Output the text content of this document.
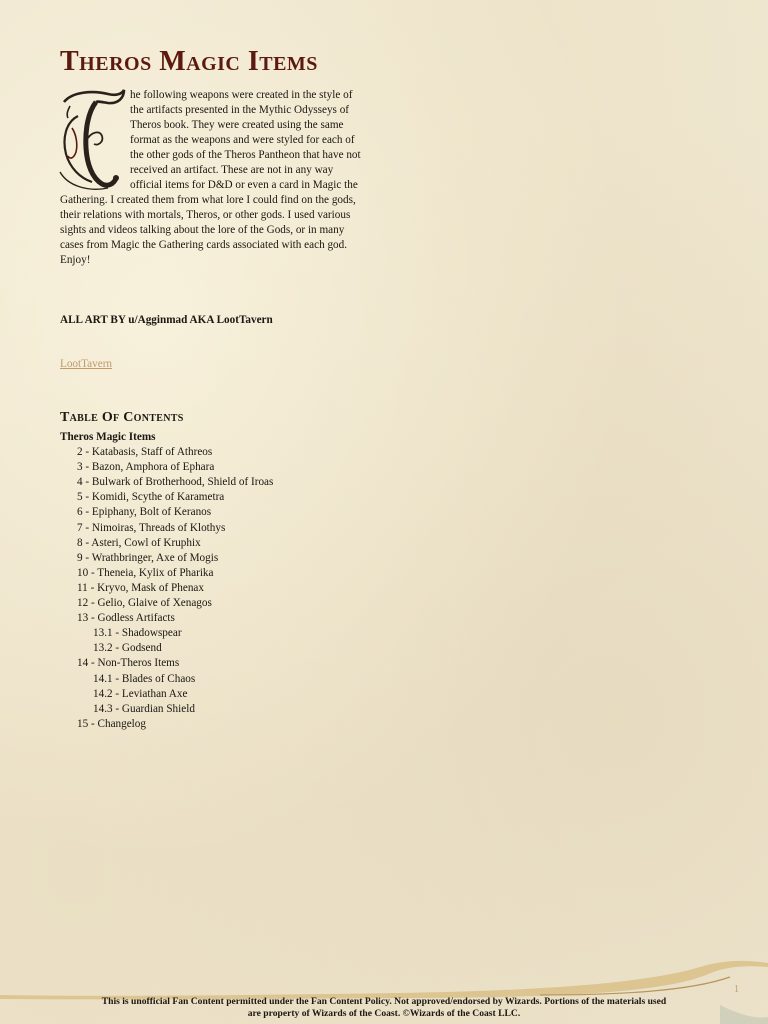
Theros Magic Items

he following weapons were created in the style of the artifacts presented in the Mythic Odysseys of Theros book. They were created using the same format as the weapons and were styled for each of the other gods of the Theros Pantheon that have not received an artifact. These are not in any way official items for D&D or even a card in Magic the Gathering. I created them from what lore I could find on the gods, their relations with mortals, Theros, or other gods. I used various sights and videos talking about the lore of the Gods, or in many cases from Magic the Gathering cards associated with each god. Enjoy!

ALL ART BY u/Agginmad AKA LootTavern

LootTavern
Table Of Contents
Theros Magic Items
2 - Katabasis, Staff of Athreos
3 - Bazon, Amphora of Ephara
4 - Bulwark of Brotherhood, Shield of Iroas
5 - Komidi, Scythe of Karametra
6 - Epiphany, Bolt of Keranos
7 - Nimoiras, Threads of Klothys
8 - Asteri, Cowl of Kruphix
9 - Wrathbringer, Axe of Mogis
10 - Theneia, Kylix of Pharika
11 - Kryvo, Mask of Phenax
12 - Gelio, Glaive of Xenagos
13 - Godless Artifacts
13.1 - Shadowspear
13.2 - Godsend
14 - Non-Theros Items
14.1 - Blades of Chaos
14.2 - Leviathan Axe
14.3 - Guardian Shield
15 - Changelog
1

This is unofficial Fan Content permitted under the Fan Content Policy. Not approved/endorsed by Wizards. Portions of the materials used
are property of Wizards of the Coast. ©Wizards of the Coast LLC.
